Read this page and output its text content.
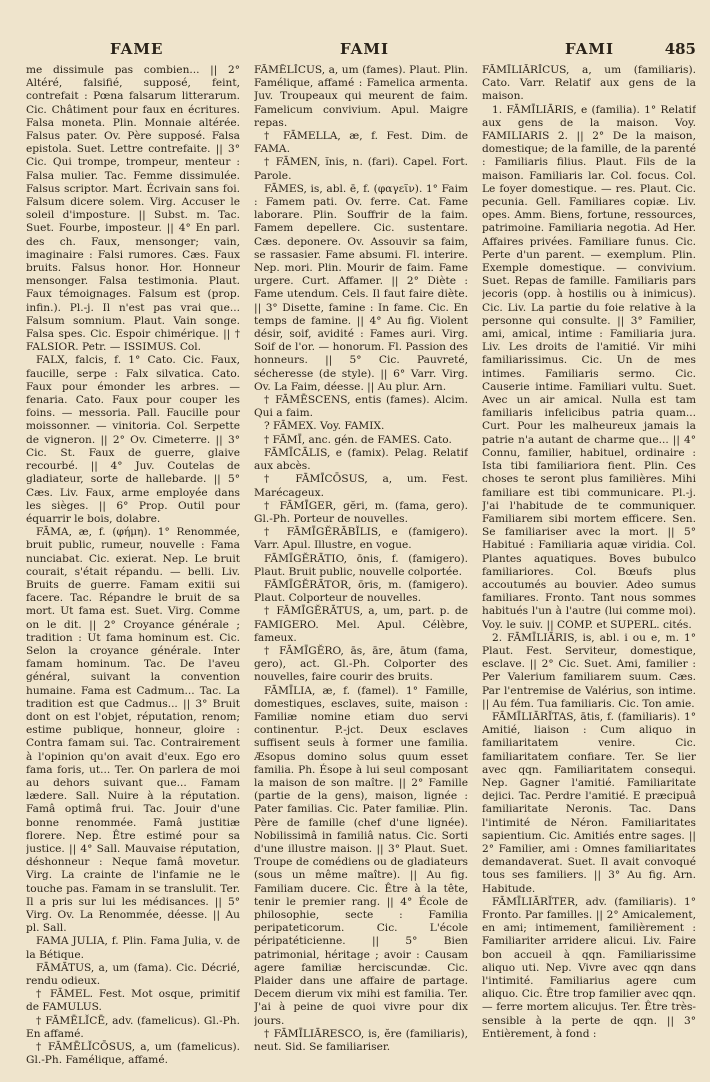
FAME	FAMI	FAMI	485

me dissimule pas combien... || 2° Altéré, falsifié, supposé, feint, contrefait : Pœna falsarum litterarum. Cic. Châtiment pour faux en écritures. Falsa moneta. Plin. Monnaie altérée. Falsus pater. Ov. Père supposé. Falsa epistola. Suet. Lettre contrefaite. || 3° Cic. Qui trompe, trompeur, menteur : Falsa mulier. Tac. Femme dissimulée. Falsus scriptor. Mart. Écrivain sans foi. Falsum dicere solem. Virg. Accuser le soleil d'imposture. || Subst. m. Tac. Suet. Fourbe, imposteur. || 4° En parl. des ch. Faux, mensonger; vain, imaginaire : Falsi rumores. Cæs. Faux bruits. Falsus honor. Hor. Honneur mensonger. Falsa testimonia. Plaut. Faux témoignages. Falsum est (prop. infin.). Pl.-j. Il n'est pas vrai que... Falsum somnium. Plaut. Vain songe. Falsa spes. Cic. Espoir chimérique. || † FALSIOR. Petr. — ISSIMUS. Col.

FALX, falcis, f. 1° Cato. Cic. Faux, faucille, serpe : Falx silvatica. Cato. Faux pour émonder les arbres. — fenaria. Cato. Faux pour couper les foins. — messoria. Pall. Faucille pour moissonner. — vinitoria. Col. Serpette de vigneron. || 2° Ov. Cimeterre. || 3° Cic. St. Faux de guerre, glaive recourbé. || 4° Juv. Coutelas de gladiateur, sorte de hallebarde. || 5° Cæs. Liv. Faux, arme employée dans les sièges. || 6° Prop. Outil pour équarrir le bois, dolabre.

FĀMA, æ, f. (φήμη). 1° Renommée, bruit public, rumeur, nouvelle : Fama nunciabat. Cic. exierat. Nep. Le bruit courait, s'était répandu. — belli. Liv. Bruits de guerre. Famam exitii sui facere. Tac. Répandre le bruit de sa mort. Ut fama est. Suet. Virg. Comme on le dit. || 2° Croyance générale ; tradition : Ut fama hominum est. Cic. Selon la croyance générale. Inter famam hominum. Tac. De l'aveu général, suivant la convention humaine. Fama est Cadmum... Tac. La tradition est que Cadmus... || 3° Bruit dont on est l'objet, réputation, renom; estime publique, honneur, gloire : Contra famam sui. Tac. Contrairement à l'opinion qu'on avait d'eux. Ego ero fama foris, ut... Ter. On parlera de moi au dehors suivant que... Famam lædere. Sall. Nuire à la réputation. Famâ optimâ frui. Tac. Jouir d'une bonne renommée. Famâ justitiæ florere. Nep. Être estimé pour sa justice. || 4° Sall. Mauvaise réputation, déshonneur : Neque famâ movetur. Virg. La crainte de l'infamie ne le touche pas. Famam in se translulit. Ter. Il a pris sur lui les médisances. || 5° Virg. Ov. La Renommée, déesse. || Au pl. Sall.

FAMA JULIA, f. Plin. Fama Julia, v. de la Bétique.

FĀMĀTUS, a, um (fama). Cic. Décrié, rendu odieux.

† FĀMEL. Fest. Mot osque, primitif de FAMULUS.

† FĀMĒLĬCĒ, adv. (famelicus). Gl.-Ph. En affamé.

† FĀMĒLĬCŌSUS, a, um (famelicus). Gl.-Ph. Famélique, affamé.

FĀMĒLĬCUS, a, um (fames). Plaut. Plin. Famélique, affamé : Famelica armenta. Juv. Troupeaux qui meurent de faim. Famelicum convivium. Apul. Maigre repas.

† FĀMELLA, æ, f. Fest. Dim. de FAMA.

† FĀMEN, ĭnis, n. (fari). Capel. Fort. Parole.

FĀMES, is, abl. ē, f. (φαγεῖν). 1° Faim : Famem pati. Ov. ferre. Cat. Fame laborare. Plin. Souffrir de la faim. Famem depellere. Cic. sustentare. Cæs. deponere. Ov. Assouvir sa faim, se rassasier. Fame absumi. Fl. interire. Nep. mori. Plin. Mourir de faim. Fame urgere. Curt. Affamer. || 2° Diète : Fame utendum. Cels. Il faut faire diète. || 3° Disette, famine : In fame. Cic. En temps de famine. || 4° Au fig. Violent désir, soif, avidité : Fames auri. Virg. Soif de l'or. — honorum. Fl. Passion des honneurs. || 5° Cic. Pauvreté, sécheresse (de style). || 6° Varr. Virg. Ov. La Faim, déesse. || Au plur. Arn.

† FĀMĒSCENS, entis (fames). Alcim. Qui a faim.

? FĀMEX. Voy. FAMIX.

† FĀMĪ, anc. gén. de FAMES. Cato.

FĀMĪCĀLIS, e (famix). Pelag. Relatif aux abcès.

† FĀMĪCŌSUS, a, um. Fest. Marécageux.

† FĀMĪGER, gĕri, m. (fama, gero). Gl.-Ph. Porteur de nouvelles.

† FĀMĪGĔRĀBĬLIS, e (famigero). Varr. Apul. Illustre, en vogue.

FĀMĪGĔRĀTIO, ōnis, f. (famigero). Plaut. Bruit public, nouvelle colportée.

FĀMĪGĔRĀTOR, ōris, m. (famigero). Plaut. Colporteur de nouvelles.

† FĀMĪGĔRĀTUS, a, um, part. p. de FAMIGERO. Mel. Apul. Célèbre, fameux.

† FĀMĪGĔRO, ās, āre, ātum (fama, gero), act. Gl.-Ph. Colporter des nouvelles, faire courir des bruits.

FĀMĪLIA, æ, f. (famel). 1° Famille, domestiques, esclaves, suite, maison : Familiæ nomine etiam duo servi continentur. P.-jct. Deux esclaves suffisent seuls à former une familia. Æsopus domino solus quum esset familia. Ph. Ésope à lui seul composant la maison de son maître. || 2° Famille (partie de la gens), maison, lignée : Pater familias. Cic. Pater familiæ. Plin. Père de famille (chef d'une lignée). Nobilissimâ in familiâ natus. Cic. Sorti d'une illustre maison. || 3° Plaut. Suet. Troupe de comédiens ou de gladiateurs (sous un même maître). || Au fig. Familiam ducere. Cic. Être à la tête, tenir le premier rang. || 4° École de philosophie, secte : Familia peripateticorum. Cic. L'école péripatéticienne. || 5° Bien patrimonial, héritage ; avoir : Causam agere familiæ herciscundæ. Cic. Plaider dans une affaire de partage. Decem dierum vix mihi est familia. Ter. J'ai à peine de quoi vivre pour dix jours.

† FĀMĪLIĀRESCO, is, ĕre (familiaris), neut. Sid. Se familiariser.

FĀMĪLIĀRĬCUS, a, um (familiaris). Cato. Varr. Relatif aux gens de la maison.

1. FĀMĪLIĀRIS, e (familia). 1° Relatif aux gens de la maison. Voy. FAMILIARIS 2. || 2° De la maison, domestique; de la famille, de la parenté : Familiaris filius. Plaut. Fils de la maison. Familiaris lar. Col. focus. Col. Le foyer domestique. — res. Plaut. Cic. pecunia. Gell. Familiares copiæ. Liv. opes. Amm. Biens, fortune, ressources, patrimoine. Familiaria negotia. Ad Her. Affaires privées. Familiare funus. Cic. Perte d'un parent. — exemplum. Plin. Exemple domestique. — convivium. Suet. Repas de famille. Familiaris pars jecoris (opp. à hostilis ou à inimicus). Cic. Liv. La partie du foie relative à la personne qui consulte. || 3° Familier, ami, amical, intime : Familiaria jura. Liv. Les droits de l'amitié. Vir mihi familiarissimus. Cic. Un de mes intimes. Familiaris sermo. Cic. Causerie intime. Familiari vultu. Suet. Avec un air amical. Nulla est tam familiaris infelicibus patria quam... Curt. Pour les malheureux jamais la patrie n'a autant de charme que... || 4° Connu, familier, habituel, ordinaire : Ista tibi familiariora fient. Plin. Ces choses te seront plus familières. Mihi familiare est tibi communicare. Pl.-j. J'ai l'habitude de te communiquer. Familiarem sibi mortem efficere. Sen. Se familiariser avec la mort. || 5° Habitué : Familiaria aquæ viridia. Col. Plantes aquatiques. Boves bubulco familiariores. Col. Bœufs plus accoutumés au bouvier. Adeo sumus familiares. Fronto. Tant nous sommes habitués l'un à l'autre (lui comme moi). Voy. le suiv. || COMP. et SUPERL. cités.

2. FĀMĪLIĀRIS, is, abl. i ou e, m. 1° Plaut. Fest. Serviteur, domestique, esclave. || 2° Cic. Suet. Ami, familier : Per Valerium familiarem suum. Cæs. Par l'entremise de Valérius, son intime. || Au fém. Tua familiaris. Cic. Ton amie.

FĀMĪLIĀRĬTAS, ātis, f. (familiaris). 1° Amitié, liaison : Cum aliquo in familiaritatem venire. Cic. familiaritatem confiare. Ter. Se lier avec qqn. Familiaritatem consequi. Nep. Gagner l'amitié. Familiaritate dejici. Tac. Perdre l'amitié. E præcipuâ familiaritate Neronis. Tac. Dans l'intimité de Néron. Familiaritates sapientium. Cic. Amitiés entre sages. || 2° Familier, ami : Omnes familiaritates demandaverat. Suet. Il avait convoqué tous ses familiers. || 3° Au fig. Arn. Habitude.

FĀMĪLIĀRĬTER, adv. (familiaris). 1° Fronto. Par familles. || 2° Amicalement, en ami; intimement, familièrement : Familiariter arridere alicui. Liv. Faire bon accueil à qqn. Familiarissime aliquo uti. Nep. Vivre avec qqn dans l'intimité. Familiarius agere cum aliquo. Cic. Être trop familier avec qqn. — ferre mortem alicujus. Ter. Être très-sensible à la perte de qqn. || 3° Entièrement, à fond :
